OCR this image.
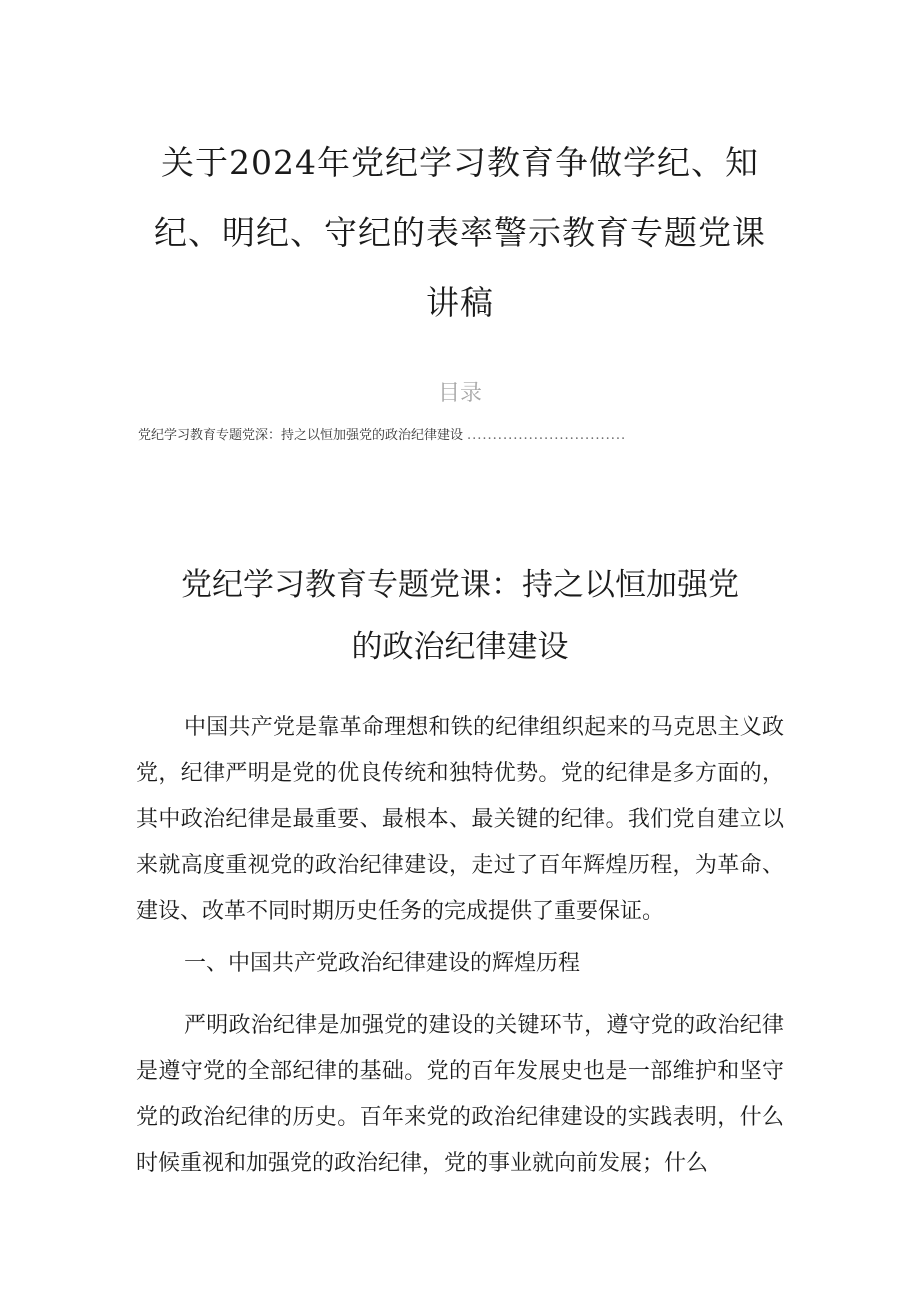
关于2024年党纪学习教育争做学纪、知
纪、明纪、守纪的表率警示教育专题党课
讲稿
目录
党纪学习教育专题党深：持之以恒加强党的政治纪律建设 ...............................
党纪学习教育专题党课：持之以恒加强党
的政治纪律建设

中国共产党是靠革命理想和铁的纪律组织起来的马克思主义政党，纪律严明是党的优良传统和独特优势。党的纪律是多方面的，其中政治纪律是最重要、最根本、最关键的纪律。我们党自建立以来就高度重视党的政治纪律建设，走过了百年辉煌历程，为革命、建设、改革不同时期历史任务的完成提供了重要保证。

一、中国共产党政治纪律建设的辉煌历程

严明政治纪律是加强党的建设的关键环节，遵守党的政治纪律是遵守党的全部纪律的基础。党的百年发展史也是一部维护和坚守党的政治纪律的历史。百年来党的政治纪律建设的实践表明，什么时候重视和加强党的政治纪律，党的事业就向前发展；什么
